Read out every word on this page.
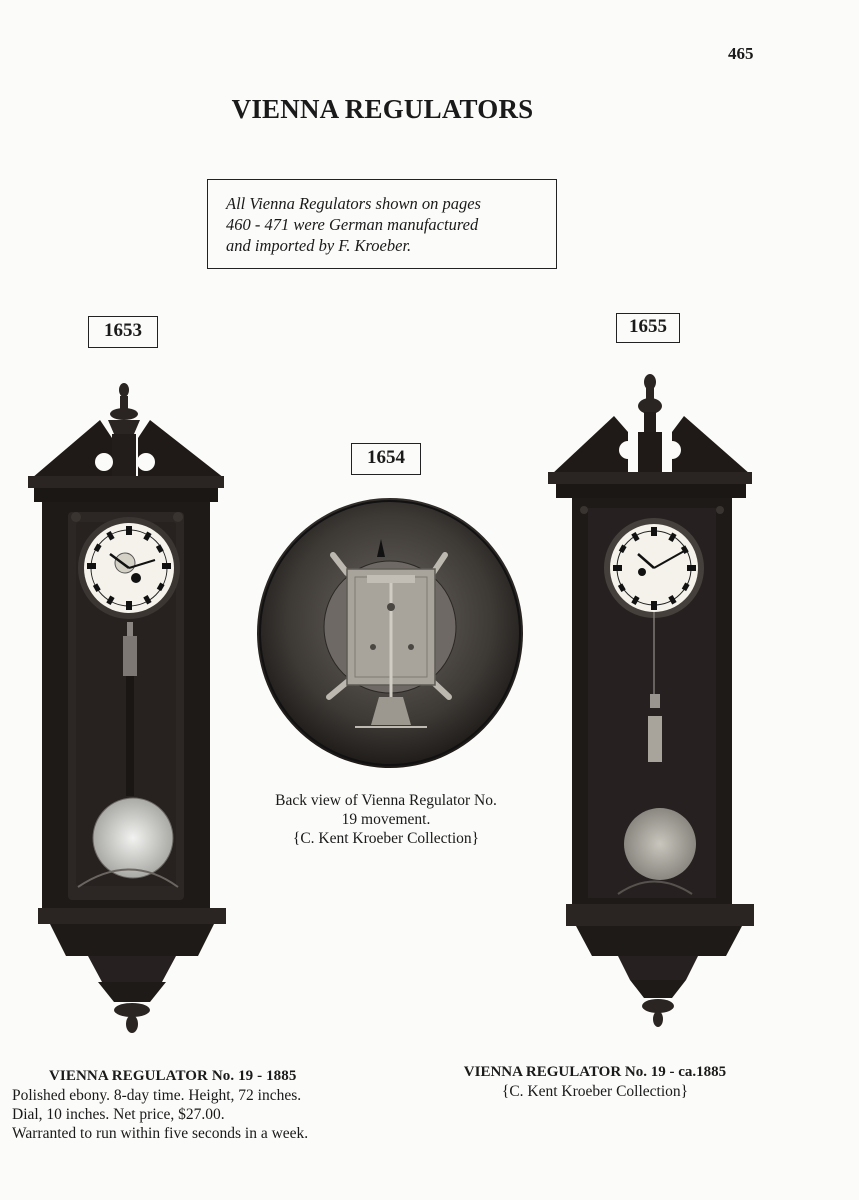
465
VIENNA REGULATORS
All Vienna Regulators shown on pages
460 - 471 were German manufactured
and imported by F. Kroeber.
1653
1654
1655
Back view of Vienna Regulator No.
19 movement.
{C. Kent Kroeber Collection}
VIENNA REGULATOR No. 19 - 1885
Polished ebony. 8-day time. Height, 72 inches.
Dial, 10 inches. Net price, $27.00.
Warranted to run within five seconds in a week.
VIENNA REGULATOR No. 19 - ca.1885
{C. Kent Kroeber Collection}
